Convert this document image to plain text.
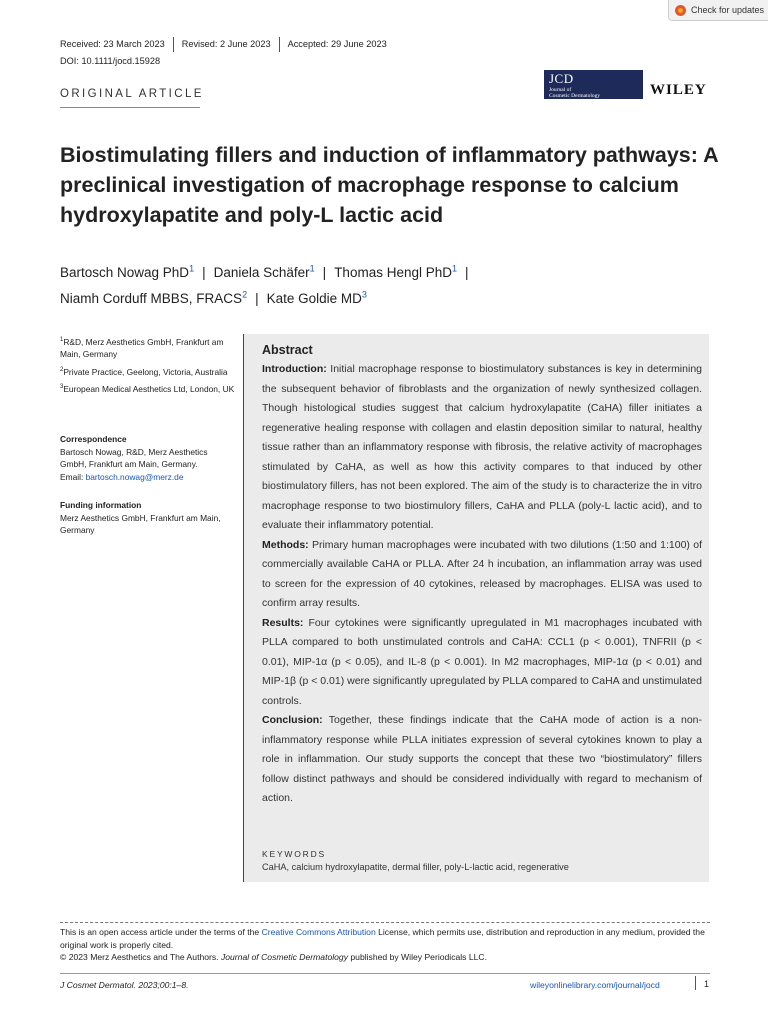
Check for updates
Received: 23 March 2023	Revised: 2 June 2023	Accepted: 29 June 2023
DOI: 10.1111/jocd.15928
ORIGINAL ARTICLE
JCD
Journal of
Cosmetic Dermatology	WILEY
Biostimulating fillers and induction of inflammatory pathways: A preclinical investigation of macrophage response to calcium hydroxylapatite and poly-L lactic acid
Bartosch Nowag PhD$^1$ | Daniela Schäfer$^1$ | Thomas Hengl PhD$^1$ |
Niamh Corduff MBBS, FRACS$^2$ | Kate Goldie $MD^3$
$^1$R&D, Merz Aesthetics GmbH, Frankfurt am Main, Germany
$^2$Private Practice, Geelong, Victoria, Australia
$^3$European Medical Aesthetics Ltd, London, UK
Correspondence
Bartosch Nowag, R&D, Merz Aesthetics GmbH, Frankfurt am Main, Germany.
Email: bartosch.nowag@merz.de
Funding information
Merz Aesthetics GmbH, Frankfurt am Main, Germany
Abstract

Introduction: Initial macrophage response to biostimulatory substances is key in determining the subsequent behavior of fibroblasts and the organization of newly synthesized collagen. Though histological studies suggest that calcium hydroxylapatite (CaHA) filler initiates a regenerative healing response with collagen and elastin deposition similar to natural, healthy tissue rather than an inflammatory response with fibrosis, the relative activity of macrophages stimulated by CaHA, as well as how this activity compares to that induced by other biostimulatory fillers, has not been explored. The aim of the study is to characterize the in vitro macrophage response to two biostimulory fillers, CaHA and PLLA (poly-L lactic acid), and to evaluate their inflammatory potential.

Methods: Primary human macrophages were incubated with two dilutions (1:50 and 1:100) of commercially available CaHA or PLLA. After 24 h incubation, an inflammation array was used to screen for the expression of 40 cytokines, released by macrophages. ELISA was used to confirm array results.

Results: Four cytokines were significantly upregulated in M1 macrophages incubated with PLLA compared to both unstimulated controls and CaHA: CCL1 (p < 0.001), TNFRII (p < 0.01), MIP-1α (p < 0.05), and IL-8 (p < 0.001). In M2 macrophages, MIP-1α (p < 0.01) and MIP-1β (p < 0.01) were significantly upregulated by PLLA compared to CaHA and unstimulated controls.

Conclusion: Together, these findings indicate that the CaHA mode of action is a non-inflammatory response while PLLA initiates expression of several cytokines known to play a role in inflammation. Our study supports the concept that these two “biostimulatory” fillers follow distinct pathways and should be considered individually with regard to mechanism of action.

KEYWORDS
CaHA, calcium hydroxylapatite, dermal filler, poly-L-lactic acid, regenerative
This is an open access article under the terms of the Creative Commons Attribution License, which permits use, distribution and reproduction in any medium, provided the original work is properly cited.
© 2023 Merz Aesthetics and The Authors. Journal of Cosmetic Dermatology published by Wiley Periodicals LLC.
J Cosmet Dermatol. 2023;00:1–8.	wileyonlinelibrary.com/journal/jocd	1
